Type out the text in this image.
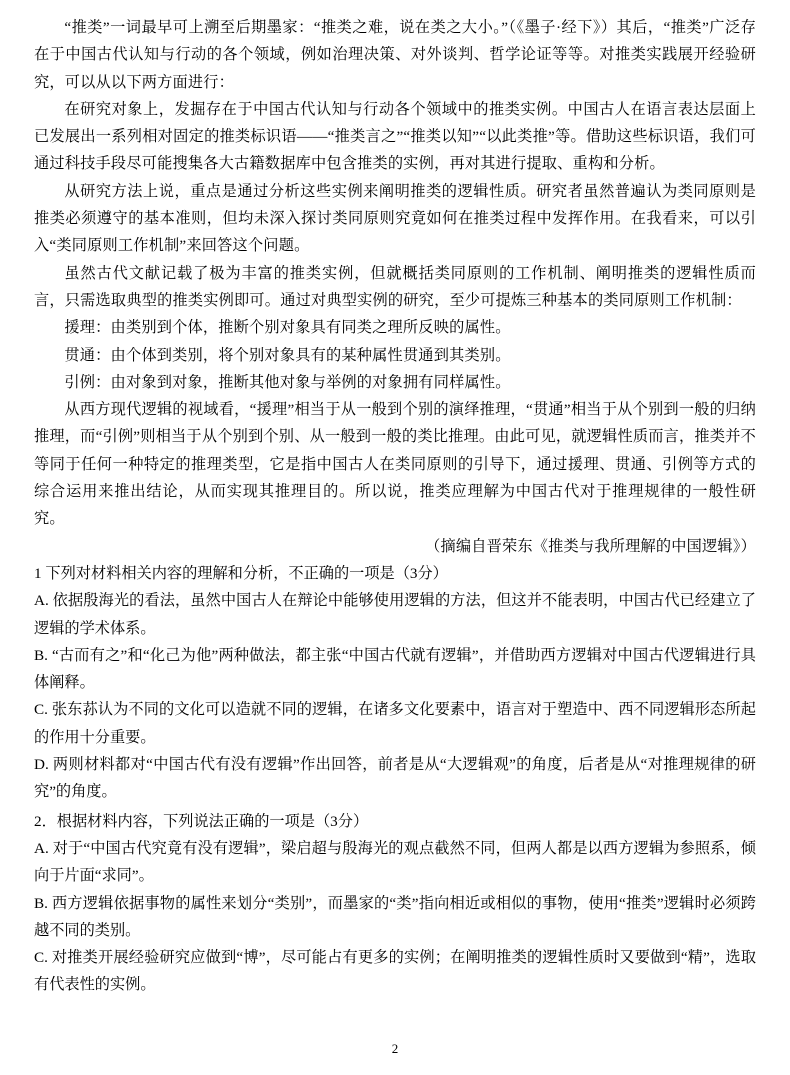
“推类”一词最早可上溯至后期墨家：“推类之难，说在类之大小。”（《墨子·经下》）其后，“推类”广泛存在于中国古代认知与行动的各个领域，例如治理决策、对外谈判、哲学论证等等。对推类实践展开经验研究，可以从以下两方面进行：

在研究对象上，发掘存在于中国古代认知与行动各个领域中的推类实例。中国古人在语言表达层面上已发展出一系列相对固定的推类标识语——“推类言之”“推类以知”“以此类推”等。借助这些标识语，我们可通过科技手段尽可能搜集各大古籍数据库中包含推类的实例，再对其进行提取、重构和分析。

从研究方法上说，重点是通过分析这些实例来阐明推类的逻辑性质。研究者虽然普遍认为类同原则是推类必须遵守的基本准则，但均未深入探讨类同原则究竟如何在推类过程中发挥作用。在我看来，可以引入“类同原则工作机制”来回答这个问题。

虽然古代文献记载了极为丰富的推类实例，但就概括类同原则的工作机制、阐明推类的逻辑性质而言，只需选取典型的推类实例即可。通过对典型实例的研究，至少可提炼三种基本的类同原则工作机制：

援理：由类别到个体，推断个别对象具有同类之理所反映的属性。

贯通：由个体到类别，将个别对象具有的某种属性贯通到其类别。

引例：由对象到对象，推断其他对象与举例的对象拥有同样属性。

从西方现代逻辑的视域看，“援理”相当于从一般到个别的演绎推理，“贯通”相当于从个别到一般的归纳推理，而“引例”则相当于从个别到个别、从一般到一般的类比推理。由此可见，就逻辑性质而言，推类并不等同于任何一种特定的推理类型，它是指中国古人在类同原则的引导下，通过援理、贯通、引例等方式的综合运用来推出结论，从而实现其推理目的。所以说，推类应理解为中国古代对于推理规律的一般性研究。

（摘编自晋荣东《推类与我所理解的中国逻辑》）

1 下列对材料相关内容的理解和分析，不正确的一项是（3分）

A. 依据殷海光的看法，虽然中国古人在辩论中能够使用逻辑的方法，但这并不能表明，中国古代已经建立了逻辑的学术体系。

B. “古而有之”和“化己为他”两种做法，都主张“中国古代就有逻辑”，并借助西方逻辑对中国古代逻辑进行具体阐释。

C. 张东荪认为不同的文化可以造就不同的逻辑，在诸多文化要素中，语言对于塑造中、西不同逻辑形态所起的作用十分重要。

D. 两则材料都对“中国古代有没有逻辑”作出回答，前者是从“大逻辑观”的角度，后者是从“对推理规律的研究”的角度。

2．根据材料内容，下列说法正确的一项是（3分）

A. 对于“中国古代究竟有没有逻辑”，梁启超与殷海光的观点截然不同，但两人都是以西方逻辑为参照系，倾向于片面“求同”。

B. 西方逻辑依据事物的属性来划分“类别”，而墨家的“类”指向相近或相似的事物，使用“推类”逻辑时必须跨越不同的类别。

C. 对推类开展经验研究应做到“博”，尽可能占有更多的实例；在阐明推类的逻辑性质时又要做到“精”，选取有代表性的实例。

2
